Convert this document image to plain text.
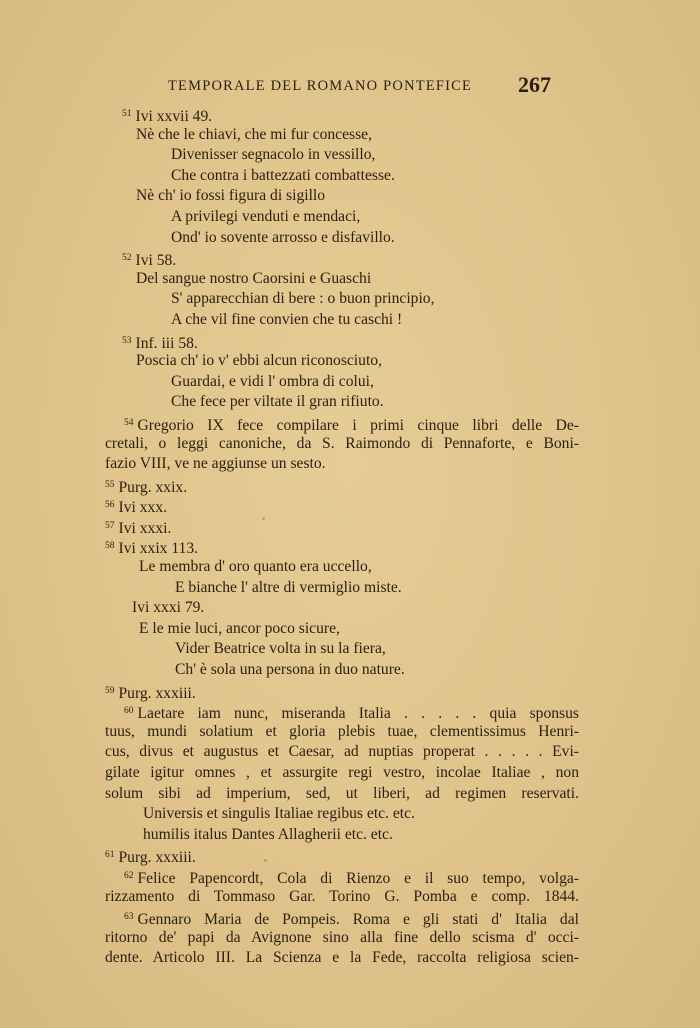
TEMPORALE DEL ROMANO PONTEFICE 267
$^{51}$ Ivi xxvii 49.
Nè che le chiavi, che mi fur concesse,
Divenisser segnacolo in vessillo,
Che contra i battezzati combattesse.
Nè ch' io fossi figura di sigillo
A privilegi venduti e mendaci,
Ond' io sovente arrosso e disfavillo.
$^{52}$ Ivi 58.
Del sangue nostro Caorsini e Guaschi
S' apparecchian di bere : o buon principio,
A che vil fine convien che tu caschi !
$^{53}$ Inf. iii 58.
Poscia ch' io v' ebbi alcun riconosciuto,
Guardai, e vidi l' ombra di colui,
Che fece per viltate il gran rifiuto.
$^{54}$ Gregorio IX fece compilare i primi cinque libri delle De-
cretali, o leggi canoniche, da S. Raimondo di Pennaforte, e Boni-
fazio VIII, ve ne aggiunse un sesto.
$^{55}$ Purg. xxix.
$^{56}$ Ivi xxx.
$^{57}$ Ivi xxxi.
$^{58}$ Ivi xxix 113.
Le membra d' oro quanto era uccello,
E bianche l' altre di vermiglio miste.
Ivi xxxi 79.
E le mie luci, ancor poco sicure,
Vider Beatrice volta in su la fiera,
Ch' è sola una persona in duo nature.
$^{59}$ Purg. xxxiii.
$^{60}$ Laetare iam nunc, miseranda Italia . . . . . quia sponsus
tuus, mundi solatium et gloria plebis tuae, clementissimus Henri-
cus, divus et augustus et Caesar, ad nuptias properat . . . . . Evi-
gilate igitur omnes , et assurgite regi vestro, incolae Italiae , non
solum sibi ad imperium, sed, ut liberi, ad regimen reservati.
Universis et singulis Italiae regibus etc. etc.
humilis italus Dantes Allagherii etc. etc.
$^{61}$ Purg. xxxiii.
$^{62}$ Felice Papencordt, Cola di Rienzo e il suo tempo, volga-
rizzamento di Tommaso Gar. Torino G. Pomba e comp. 1844.
$^{63}$ Gennaro Maria de Pompeis. Roma e gli stati d' Italia dal
ritorno de' papi da Avignone sino alla fine dello scisma d' occi-
dente. Articolo III. La Scienza e la Fede, raccolta religiosa scien-
